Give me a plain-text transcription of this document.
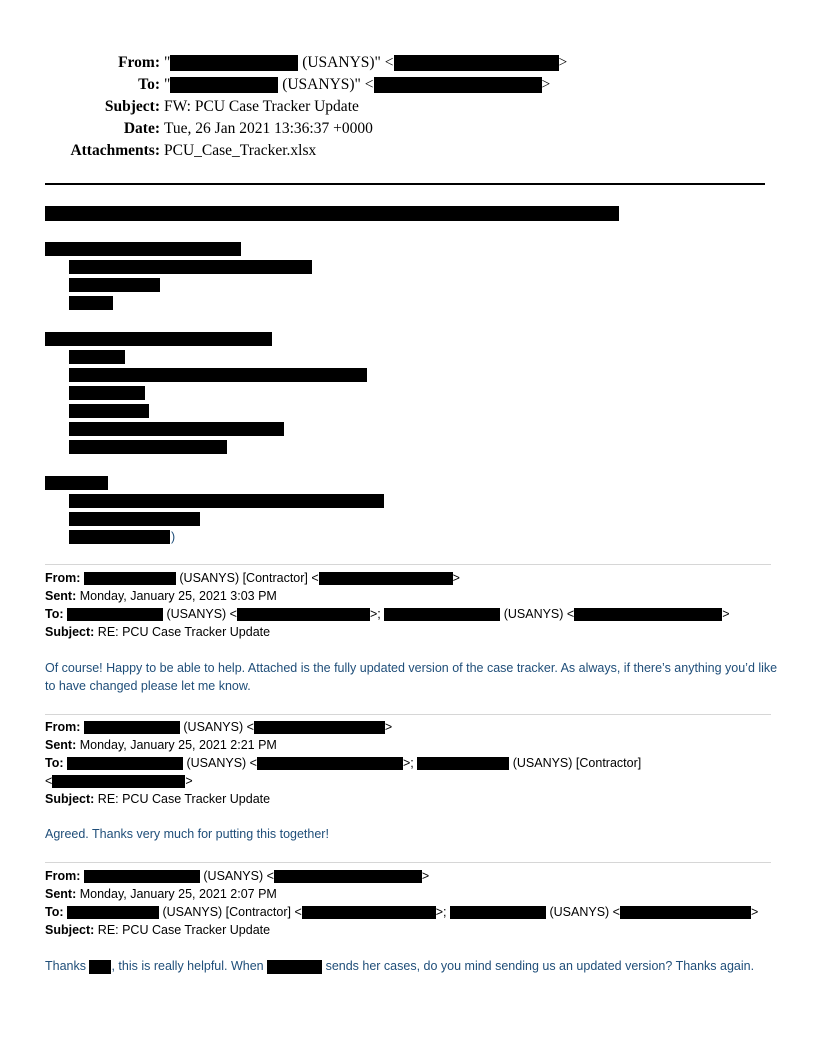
From: "	(USANYS)" <	>
To: "	(USANYS)" <	>
Subject: FW: PCU Case Tracker Update
Date: Tue, 26 Jan 2021 13:36:37 +0000
Attachments: PCU_Case_Tracker.xlsx
)
From:	(USANYS) [Contractor] <	>
Sent: Monday, January 25, 2021 3:03 PM
To:	(USANYS) <	>;	(USANYS) <	>
Subject: RE: PCU Case Tracker Update
Of course! Happy to be able to help. Attached is the fully updated version of the case tracker. As always, if there’s anything you’d like to have changed please let me know.
From:	(USANYS) <	>
Sent: Monday, January 25, 2021 2:21 PM
To:	(USANYS) <	>;	(USANYS) [Contractor]
<	>
Subject: RE: PCU Case Tracker Update
Agreed. Thanks very much for putting this together!
From:	(USANYS) <	>
Sent: Monday, January 25, 2021 2:07 PM
To:	(USANYS) [Contractor] <	>;	(USANYS) <	>
Subject: RE: PCU Case Tracker Update
Thanks , this is really helpful. When	sends her cases, do you mind sending us an updated version? Thanks again.
